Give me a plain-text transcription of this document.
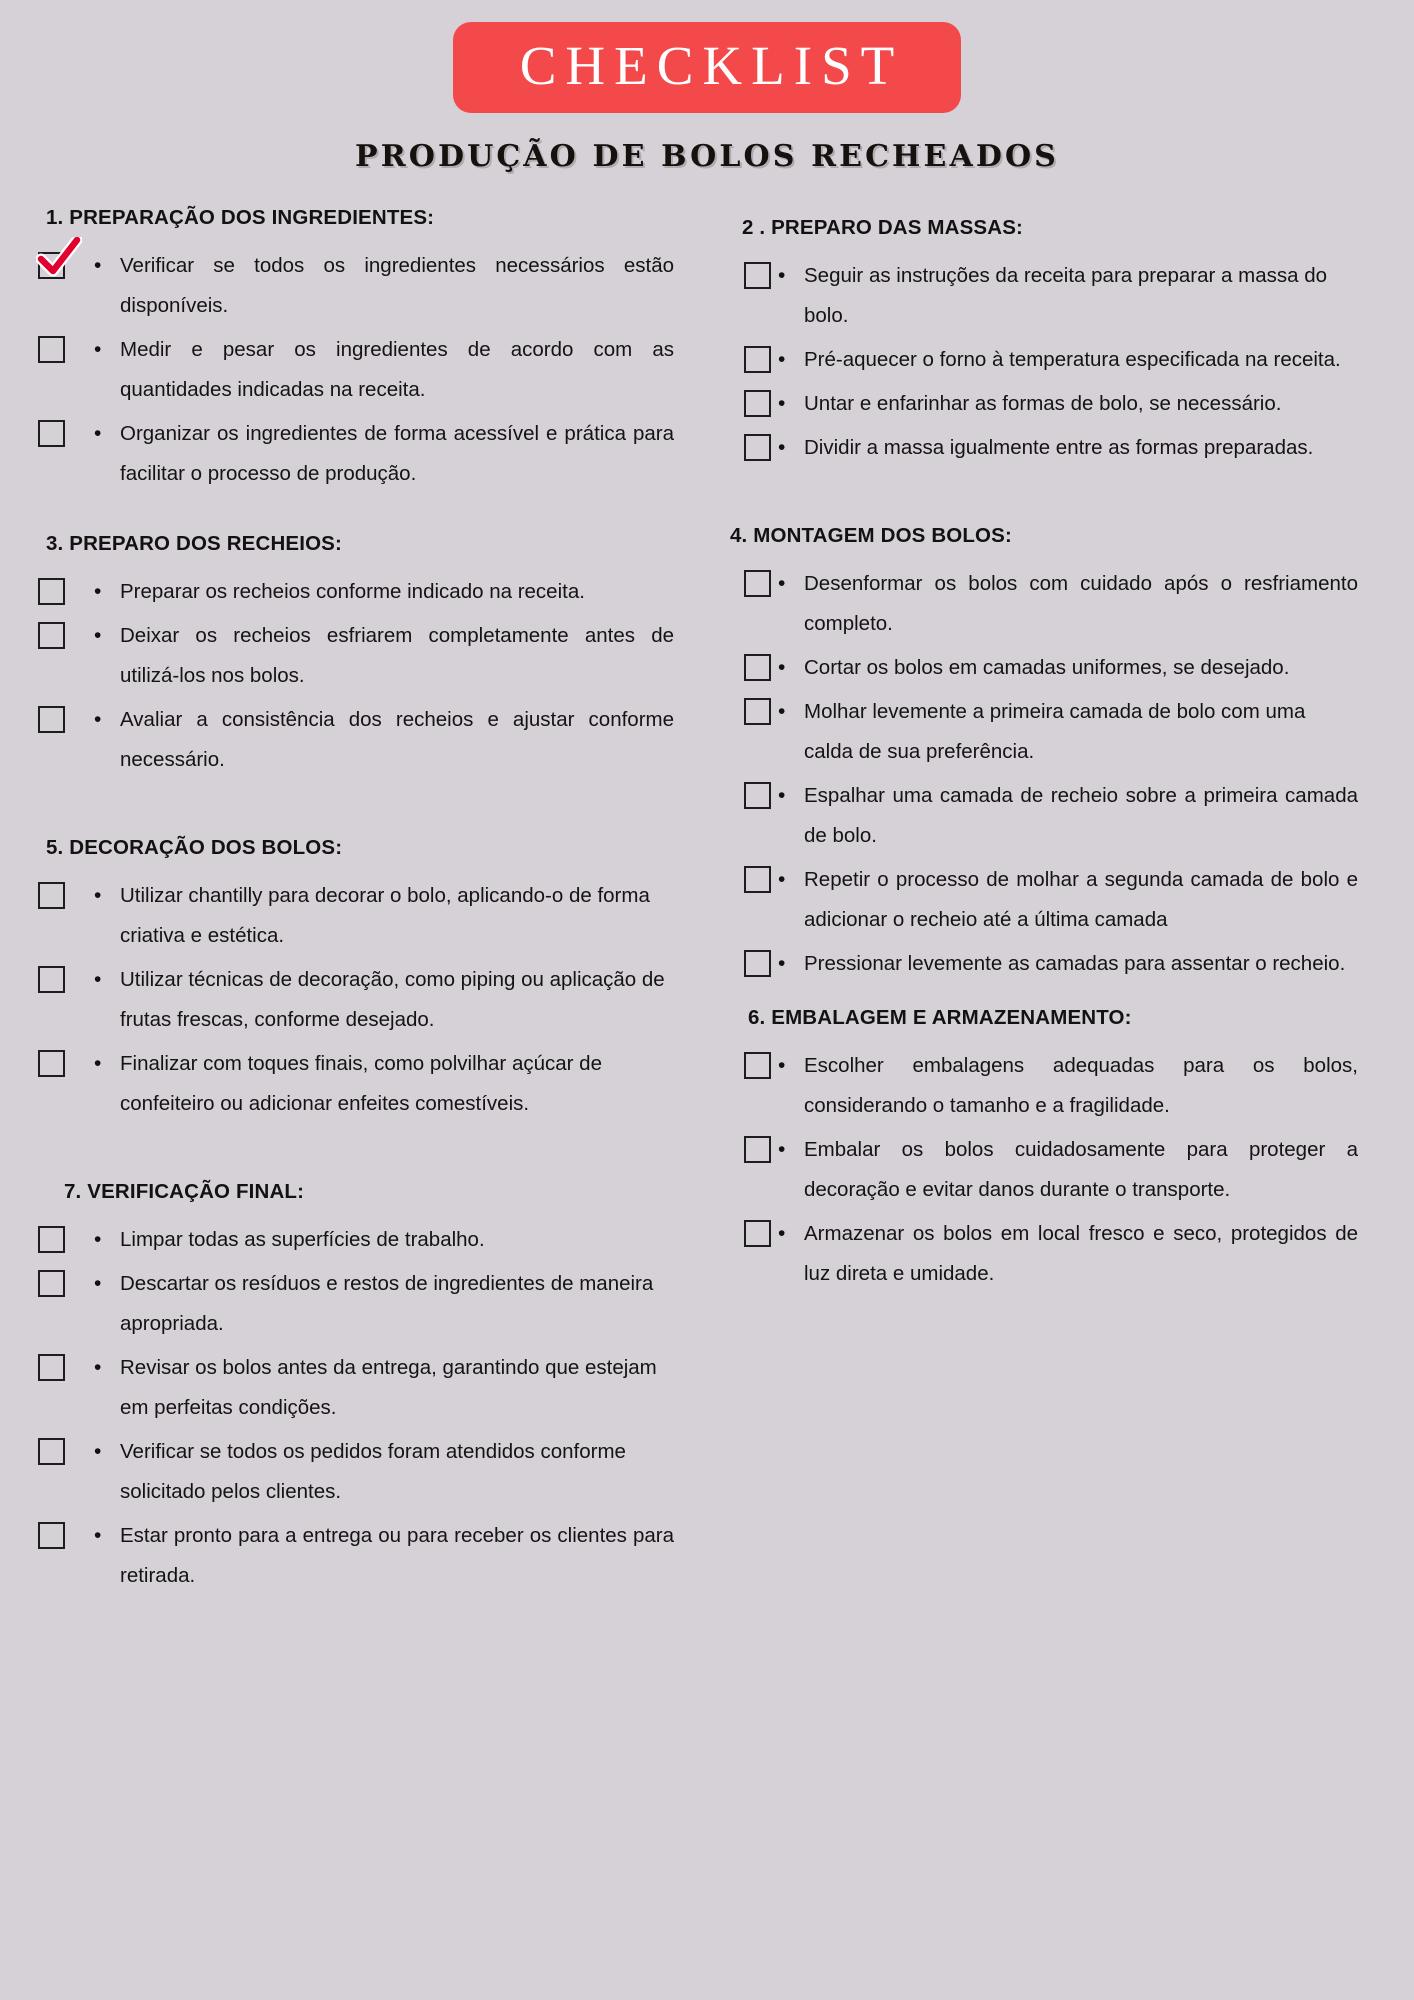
CHECKLIST
PRODUÇÃO DE BOLOS RECHEADOS
1. PREPARAÇÃO DOS INGREDIENTES:
•
Verificar se todos os ingredientes necessários estão disponíveis.
•
Medir e pesar os ingredientes de acordo com as quantidades indicadas na receita.
•
Organizar os ingredientes de forma acessível e prática para facilitar o processo de produção.
3. PREPARO DOS RECHEIOS:
•
Preparar os recheios conforme indicado na receita.
•
Deixar os recheios esfriarem completamente antes de utilizá-los nos bolos.
•
Avaliar a consistência dos recheios e ajustar conforme necessário.
5. DECORAÇÃO DOS BOLOS:
•
Utilizar chantilly para decorar o bolo, aplicando-o de forma criativa e estética.
•
Utilizar técnicas de decoração, como piping ou aplicação de frutas frescas, conforme desejado.
•
Finalizar com toques finais, como polvilhar açúcar de confeiteiro ou adicionar enfeites comestíveis.
7. VERIFICAÇÃO FINAL:
•
Limpar todas as superfícies de trabalho.
•
Descartar os resíduos e restos de ingredientes de maneira apropriada.
•
Revisar os bolos antes da entrega, garantindo que estejam em perfeitas condições.
•
Verificar se todos os pedidos foram atendidos conforme solicitado pelos clientes.
•
Estar pronto para a entrega ou para receber os clientes para retirada.
2 . PREPARO DAS MASSAS:
•
Seguir as instruções da receita para preparar a massa do bolo.
•
Pré-aquecer o forno à temperatura especificada na receita.
•
Untar e enfarinhar as formas de bolo, se necessário.
•
Dividir a massa igualmente entre as formas preparadas.
4. MONTAGEM DOS BOLOS:
•
Desenformar os bolos com cuidado após o resfriamento completo.
•
Cortar os bolos em camadas uniformes, se desejado.
•
Molhar levemente a primeira camada de bolo com uma calda de sua preferência.
•
Espalhar uma camada de recheio sobre a primeira camada de bolo.
•
Repetir o processo de molhar a segunda camada de bolo e adicionar o recheio até a última camada
•
Pressionar levemente as camadas para assentar o recheio.
6. EMBALAGEM E ARMAZENAMENTO:
•
Escolher embalagens adequadas para os bolos, considerando o tamanho e a fragilidade.
•
Embalar os bolos cuidadosamente para proteger a decoração e evitar danos durante o transporte.
•
Armazenar os bolos em local fresco e seco, protegidos de luz direta e umidade.
